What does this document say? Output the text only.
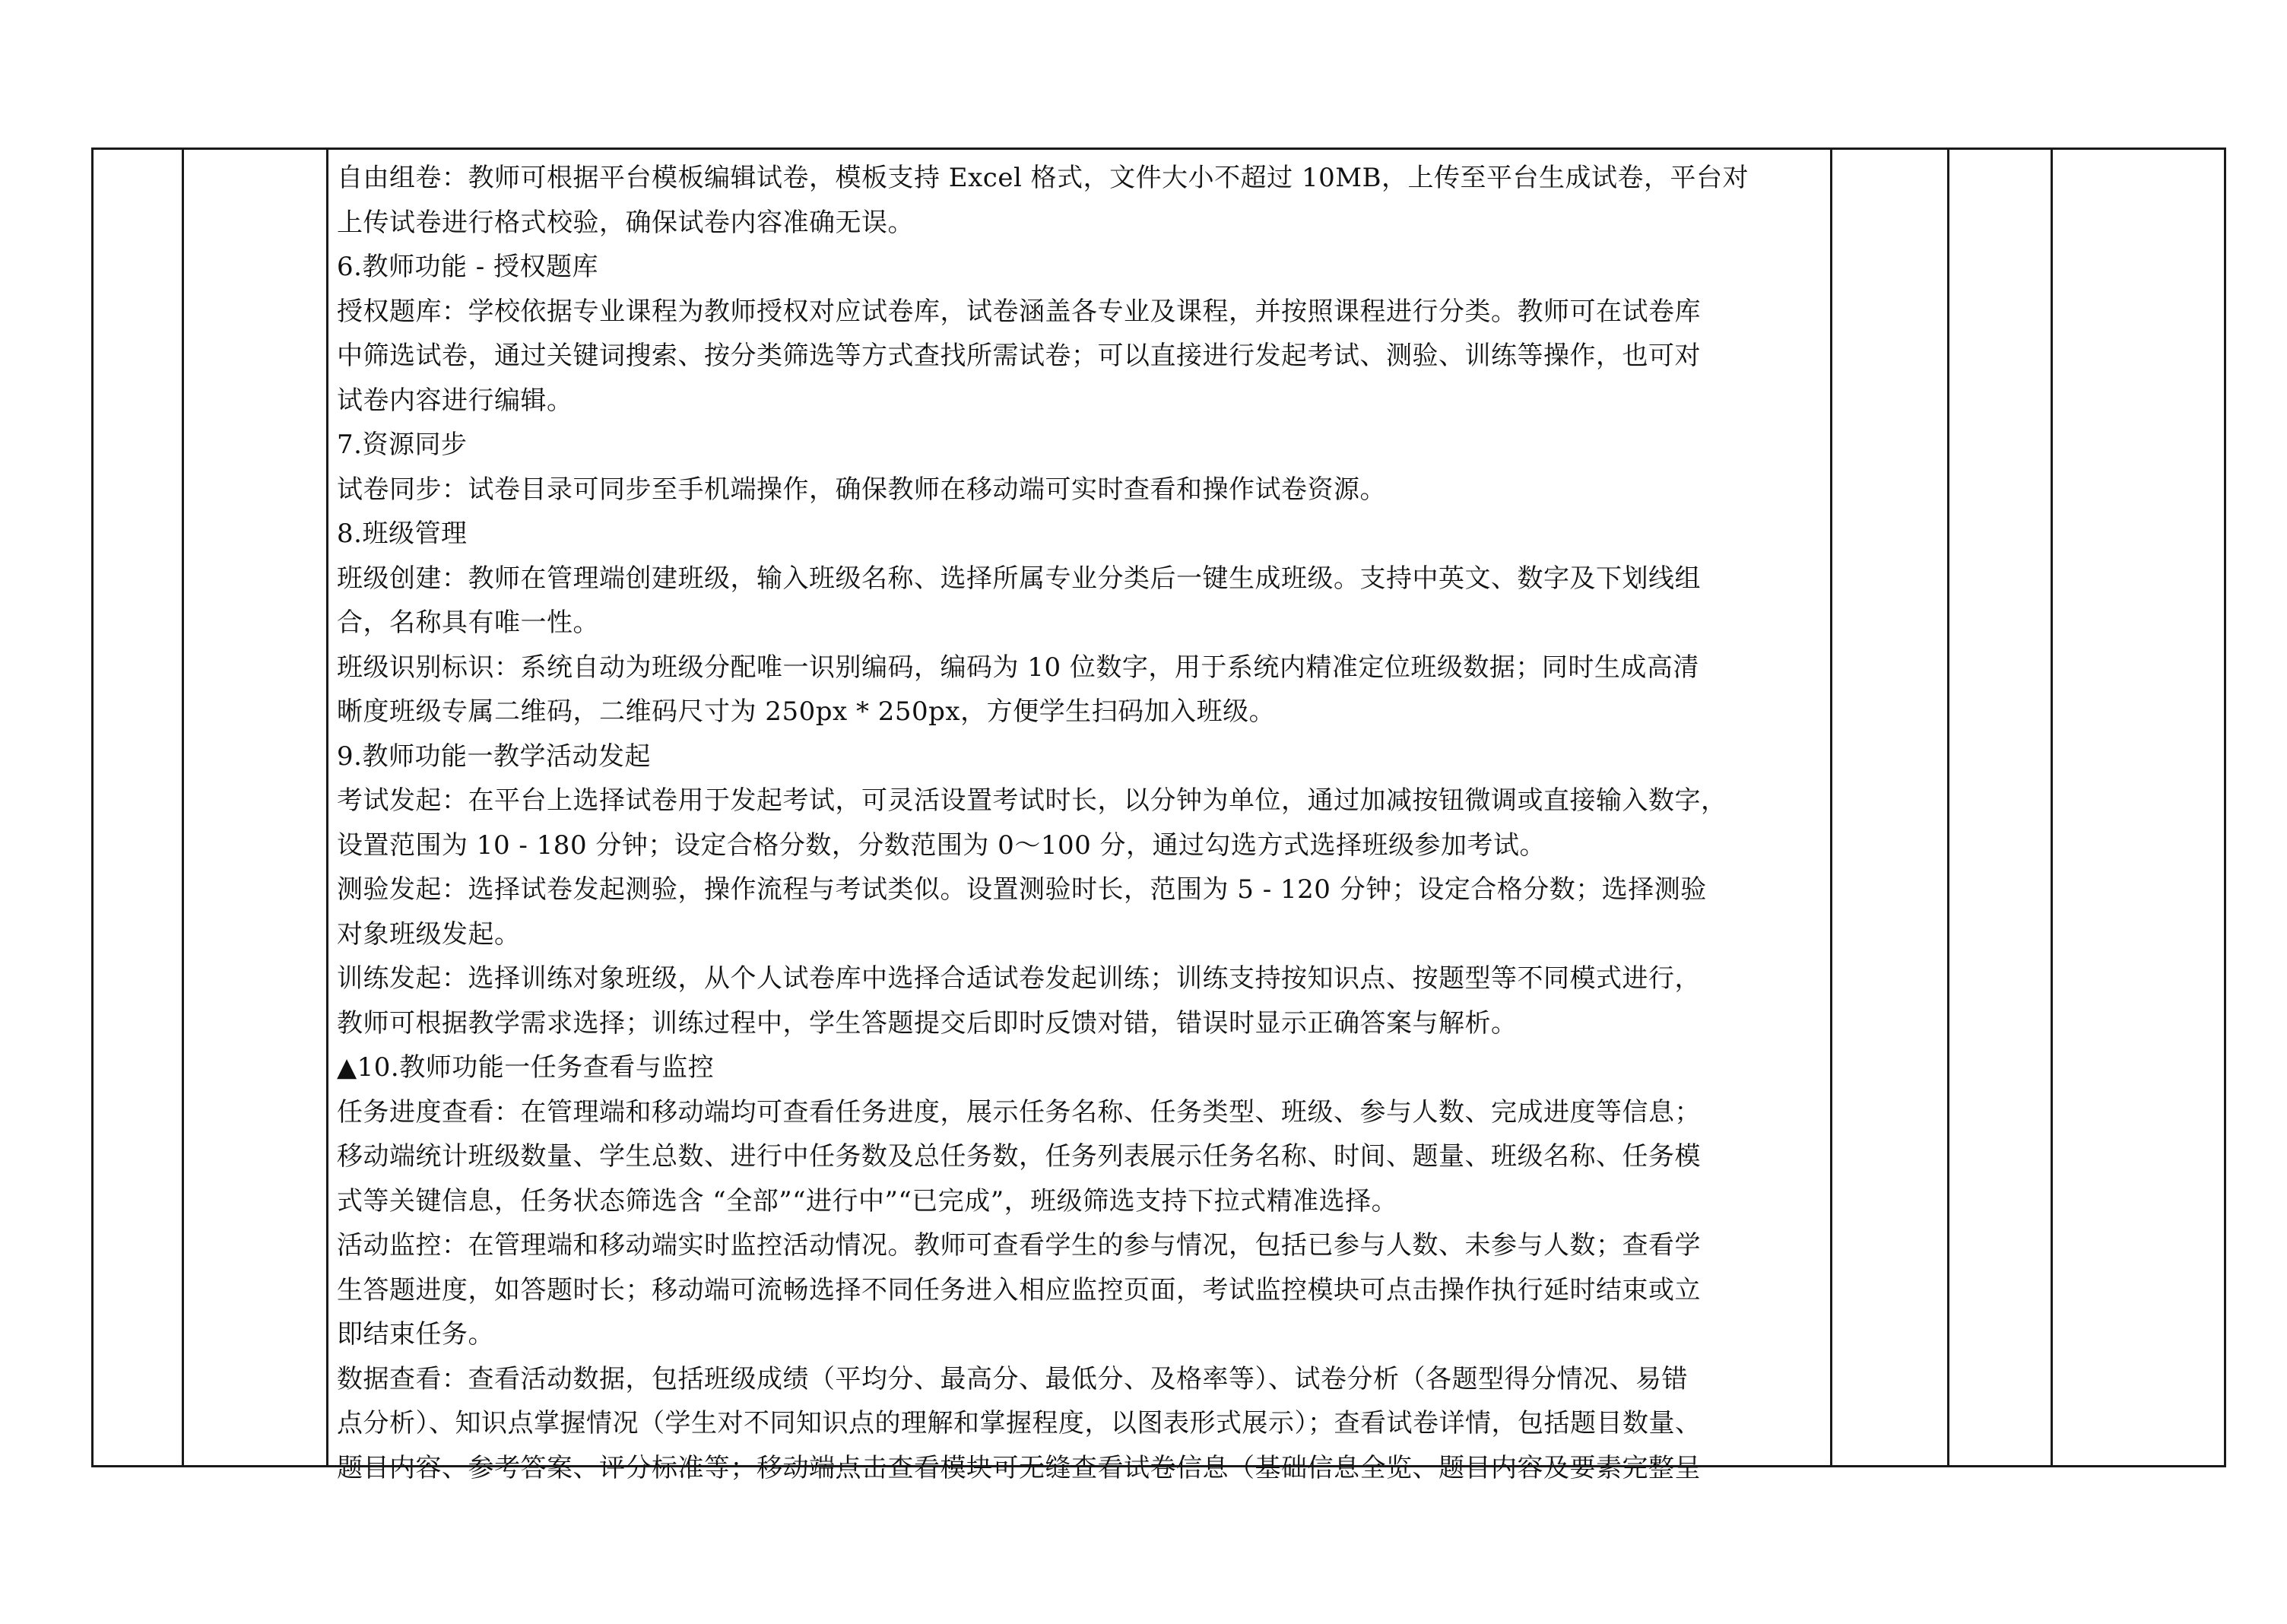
自由组卷：教师可根据平台模板编辑试卷，模板支持 Excel 格式，文件大小不超过 10MB，上传至平台生成试卷，平台对
上传试卷进行格式校验，确保试卷内容准确无误。
6.教师功能 - 授权题库
授权题库：学校依据专业课程为教师授权对应试卷库，试卷涵盖各专业及课程，并按照课程进行分类。教师可在试卷库
中筛选试卷，通过关键词搜索、按分类筛选等方式查找所需试卷；可以直接进行发起考试、测验、训练等操作，也可对
试卷内容进行编辑。
7.资源同步
试卷同步：试卷目录可同步至手机端操作，确保教师在移动端可实时查看和操作试卷资源。
8.班级管理
班级创建：教师在管理端创建班级，输入班级名称、选择所属专业分类后一键生成班级。支持中英文、数字及下划线组
合，名称具有唯一性。
班级识别标识：系统自动为班级分配唯一识别编码，编码为 10 位数字，用于系统内精准定位班级数据；同时生成高清
晰度班级专属二维码，二维码尺寸为 250px * 250px，方便学生扫码加入班级。
9.教师功能一教学活动发起
考试发起：在平台上选择试卷用于发起考试，可灵活设置考试时长，以分钟为单位，通过加减按钮微调或直接输入数字，
设置范围为 10 - 180 分钟；设定合格分数，分数范围为 0～100 分，通过勾选方式选择班级参加考试。
测验发起：选择试卷发起测验，操作流程与考试类似。设置测验时长，范围为 5 - 120 分钟；设定合格分数；选择测验
对象班级发起。
训练发起：选择训练对象班级，从个人试卷库中选择合适试卷发起训练；训练支持按知识点、按题型等不同模式进行，
教师可根据教学需求选择；训练过程中，学生答题提交后即时反馈对错，错误时显示正确答案与解析。
▲10.教师功能一任务查看与监控
任务进度查看：在管理端和移动端均可查看任务进度，展示任务名称、任务类型、班级、参与人数、完成进度等信息；
移动端统计班级数量、学生总数、进行中任务数及总任务数，任务列表展示任务名称、时间、题量、班级名称、任务模
式等关键信息，任务状态筛选含 “全部”“进行中”“已完成”，班级筛选支持下拉式精准选择。
活动监控：在管理端和移动端实时监控活动情况。教师可查看学生的参与情况，包括已参与人数、未参与人数；查看学
生答题进度，如答题时长；移动端可流畅选择不同任务进入相应监控页面，考试监控模块可点击操作执行延时结束或立
即结束任务。
数据查看：查看活动数据，包括班级成绩（平均分、最高分、最低分、及格率等）、试卷分析（各题型得分情况、易错
点分析）、知识点掌握情况（学生对不同知识点的理解和掌握程度，以图表形式展示）；查看试卷详情，包括题目数量、
题目内容、参考答案、评分标准等；移动端点击查看模块可无缝查看试卷信息（基础信息全览、题目内容及要素完整呈
